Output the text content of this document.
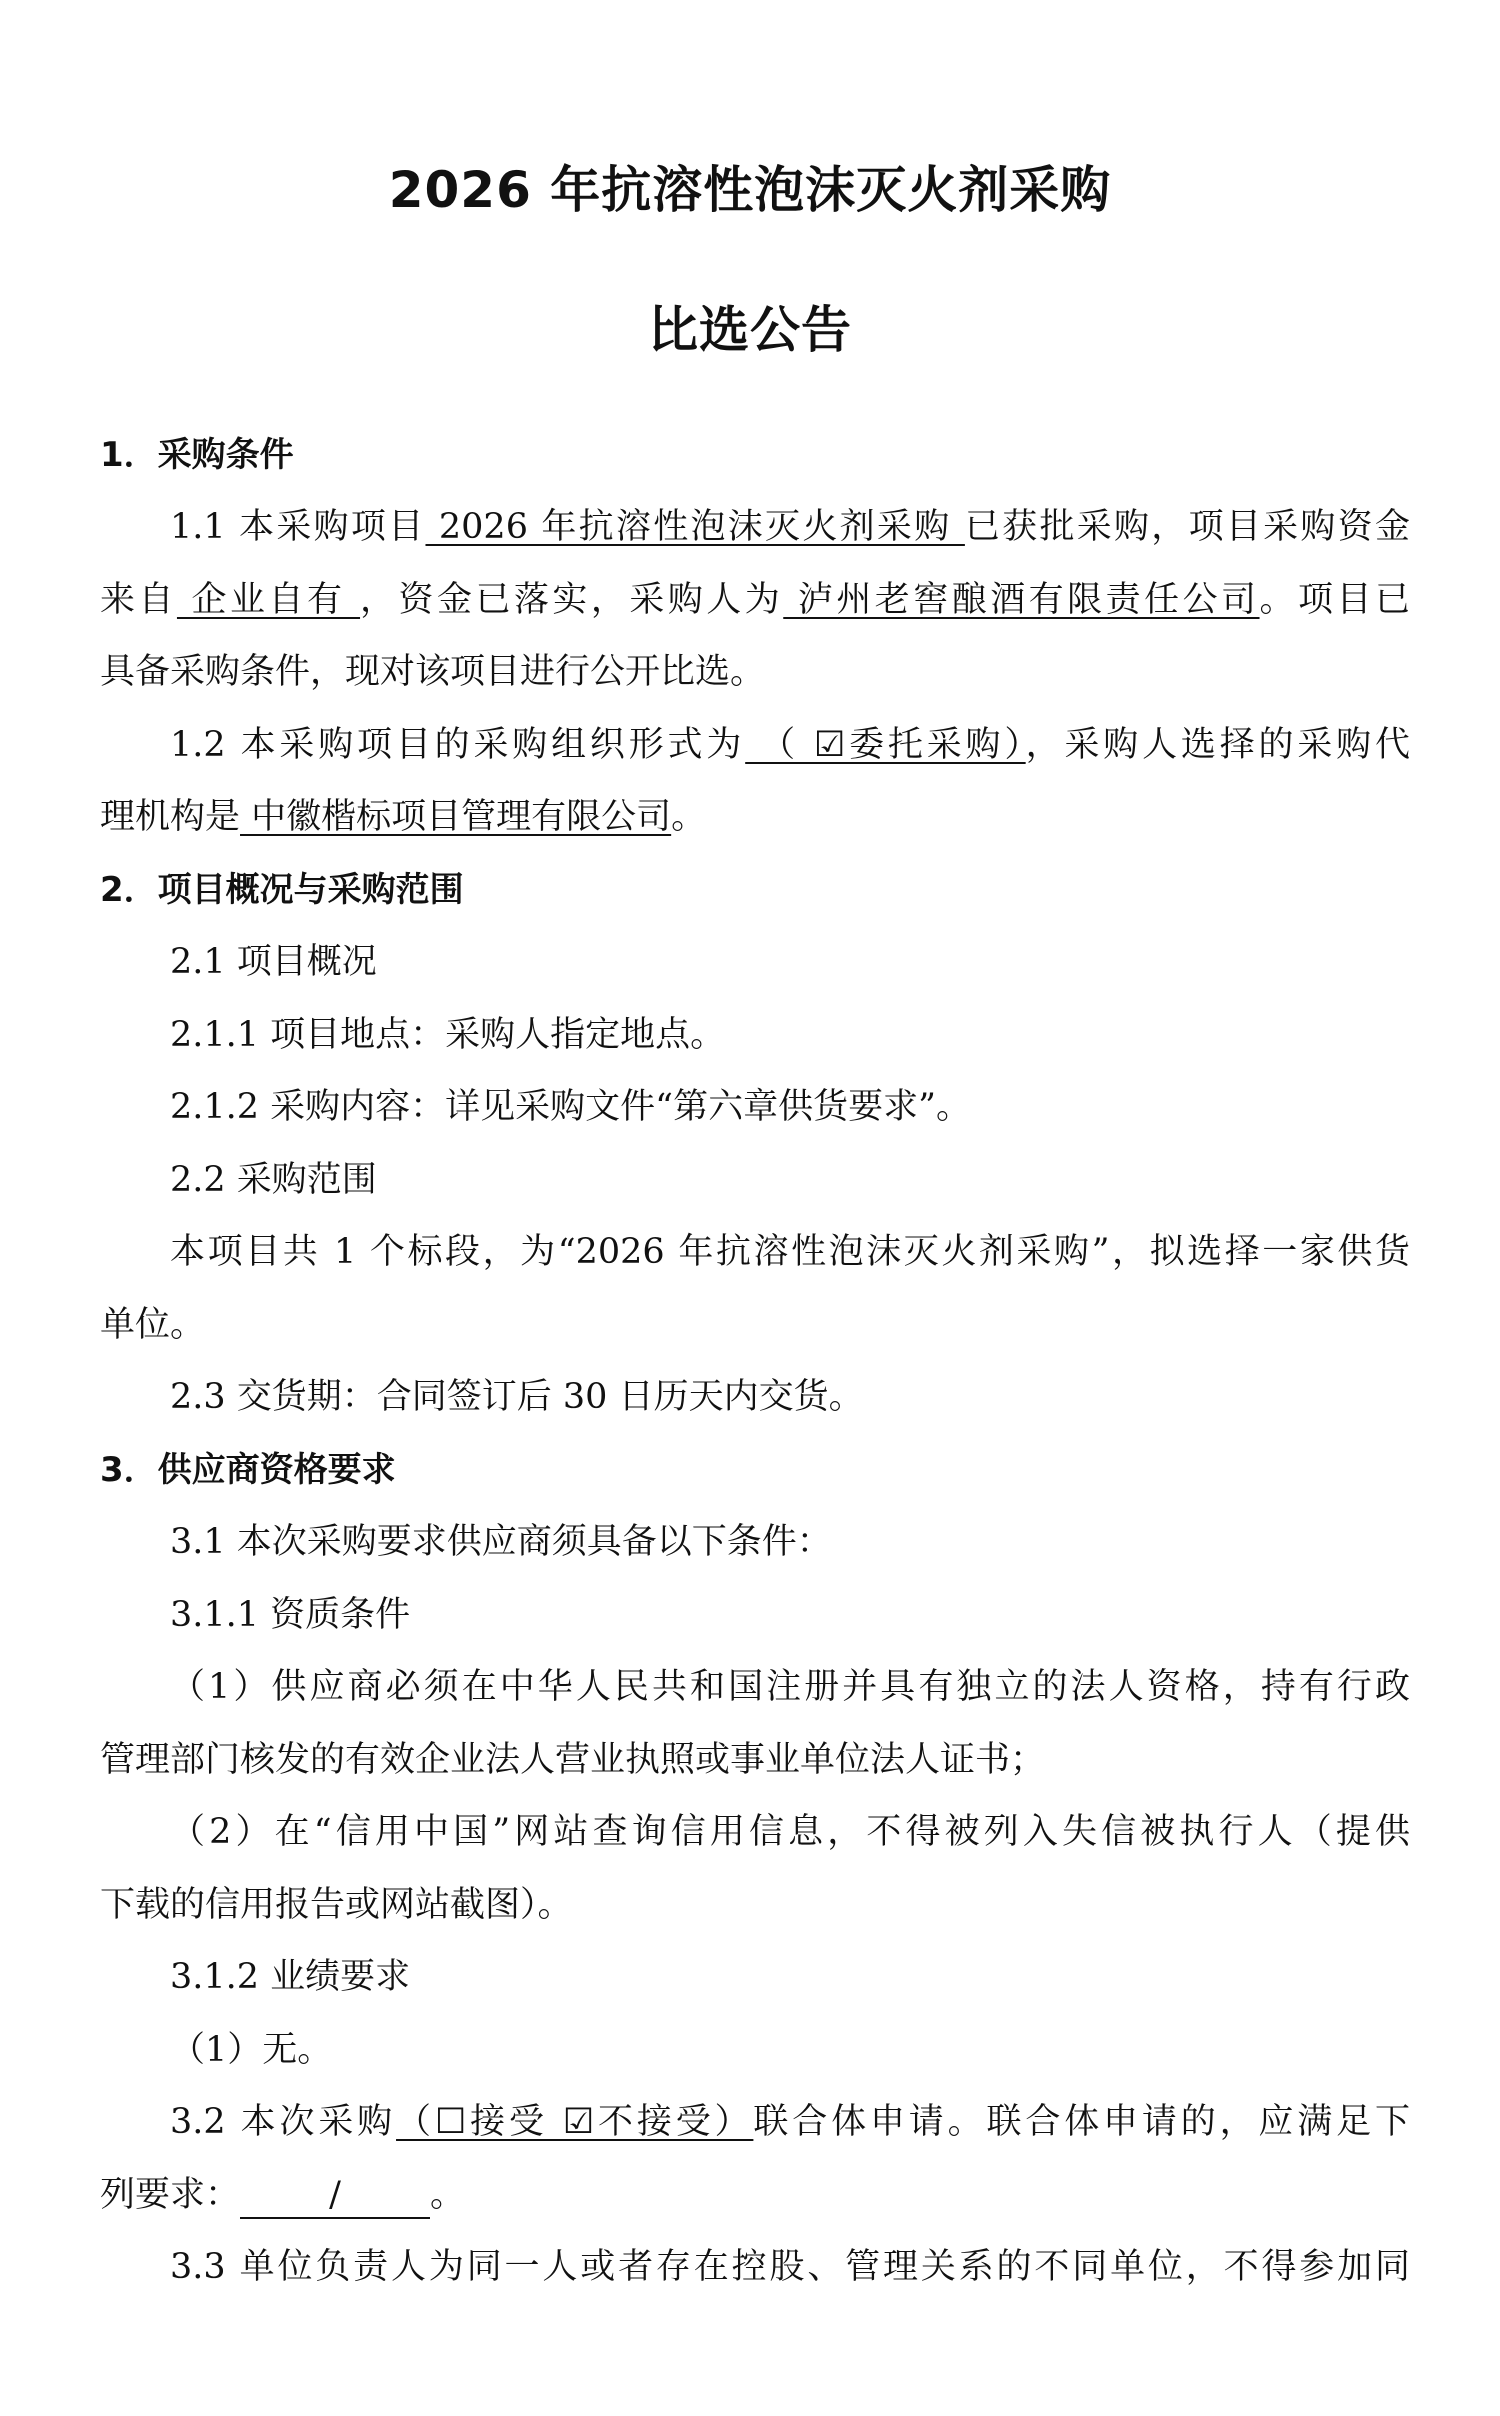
2026 年抗溶性泡沫灭火剂采购
比选公告
1．采购条件
1.1 本采购项目 2026 年抗溶性泡沫灭火剂采购 已获批采购，项目采购资金
来自 企业自有 ，资金已落实，采购人为 泸州老窖酿酒有限责任公司。项目已
具备采购条件，现对该项目进行公开比选。
1.2 本采购项目的采购组织形式为 （ ☑委托采购），采购人选择的采购代
理机构是 中徽楷标项目管理有限公司。
2．项目概况与采购范围
2.1 项目概况
2.1.1 项目地点：采购人指定地点。
2.1.2 采购内容：详见采购文件“第六章供货要求”。
2.2 采购范围
本项目共 1 个标段，为“2026 年抗溶性泡沫灭火剂采购”，拟选择一家供货
单位。
2.3 交货期：合同签订后 30 日历天内交货。
3．供应商资格要求
3.1 本次采购要求供应商须具备以下条件：
3.1.1 资质条件
（1）供应商必须在中华人民共和国注册并具有独立的法人资格，持有行政
管理部门核发的有效企业法人营业执照或事业单位法人证书；
（2）在“信用中国”网站查询信用信息，不得被列入失信被执行人（提供
下载的信用报告或网站截图）。
3.1.2 业绩要求
（1）无。
3.2 本次采购（☐接受 ☑不接受）联合体申请。联合体申请的，应满足下
列要求：	/	。
3.3 单位负责人为同一人或者存在控股、管理关系的不同单位，不得参加同
